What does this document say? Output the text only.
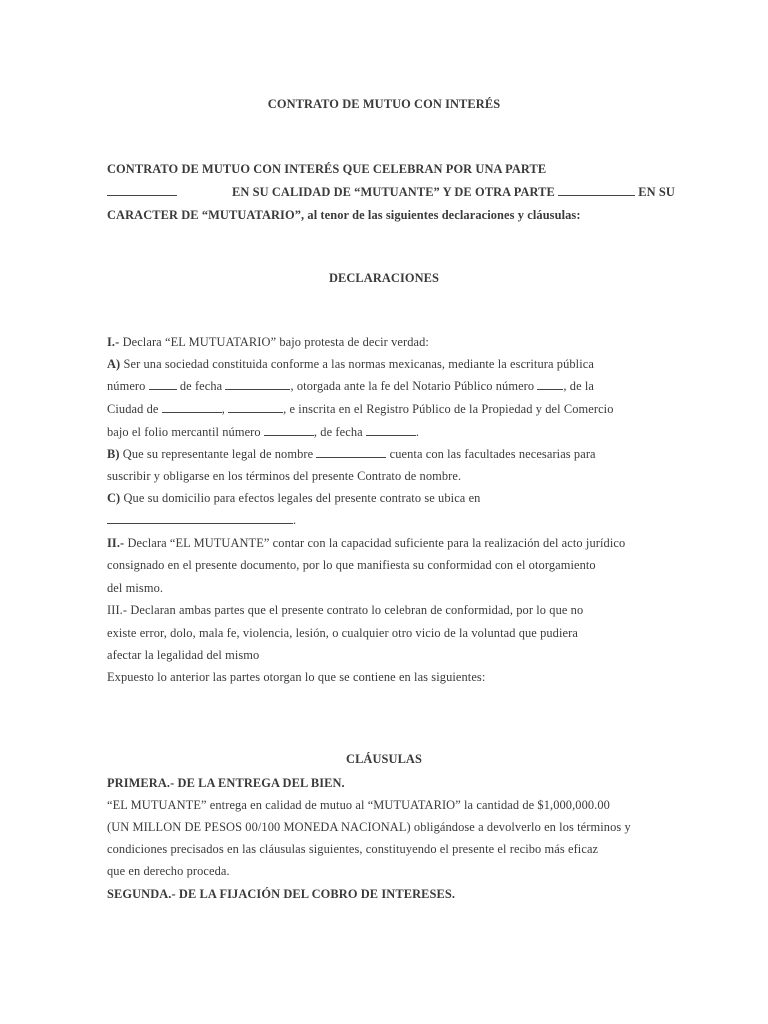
CONTRATO DE MUTUO CON INTERÉS
CONTRATO DE MUTUO CON INTERÉS QUE CELEBRAN POR UNA PARTE
EN SU CALIDAD DE “MUTUANTE” Y DE OTRA PARTE	EN SU
CARACTER DE “MUTUATARIO”, al tenor de las siguientes declaraciones y cláusulas:
DECLARACIONES
I.- Declara “EL MUTUATARIO” bajo protesta de decir verdad:
A) Ser una sociedad constituida conforme a las normas mexicanas, mediante la escritura pública
número	de fecha	, otorgada ante la fe del Notario Público número , de la
Ciudad de	,	, e inscrita en el Registro Público de la Propiedad y del Comercio
bajo el folio mercantil número	, de fecha	.
B) Que su representante legal de nombre	cuenta con las facultades necesarias para
suscribir y obligarse en los términos del presente Contrato de nombre.
C) Que su domicilio para efectos legales del presente contrato se ubica en
.
II.- Declara “EL MUTUANTE” contar con la capacidad suficiente para la realización del acto jurídico
consignado en el presente documento, por lo que manifiesta su conformidad con el otorgamiento
del mismo.
III.- Declaran ambas partes que el presente contrato lo celebran de conformidad, por lo que no
existe error, dolo, mala fe, violencia, lesión, o cualquier otro vicio de la voluntad que pudiera
afectar la legalidad del mismo
Expuesto lo anterior las partes otorgan lo que se contiene en las siguientes:
CLÁUSULAS
PRIMERA.- DE LA ENTREGA DEL BIEN.
“EL MUTUANTE” entrega en calidad de mutuo al “MUTUATARIO” la cantidad de $1,000,000.00
(UN MILLON DE PESOS 00/100 MONEDA NACIONAL) obligándose a devolverlo en los términos y
condiciones precisados en las cláusulas siguientes, constituyendo el presente el recibo más eficaz
que en derecho proceda.
SEGUNDA.- DE LA FIJACIÓN DEL COBRO DE INTERESES.
